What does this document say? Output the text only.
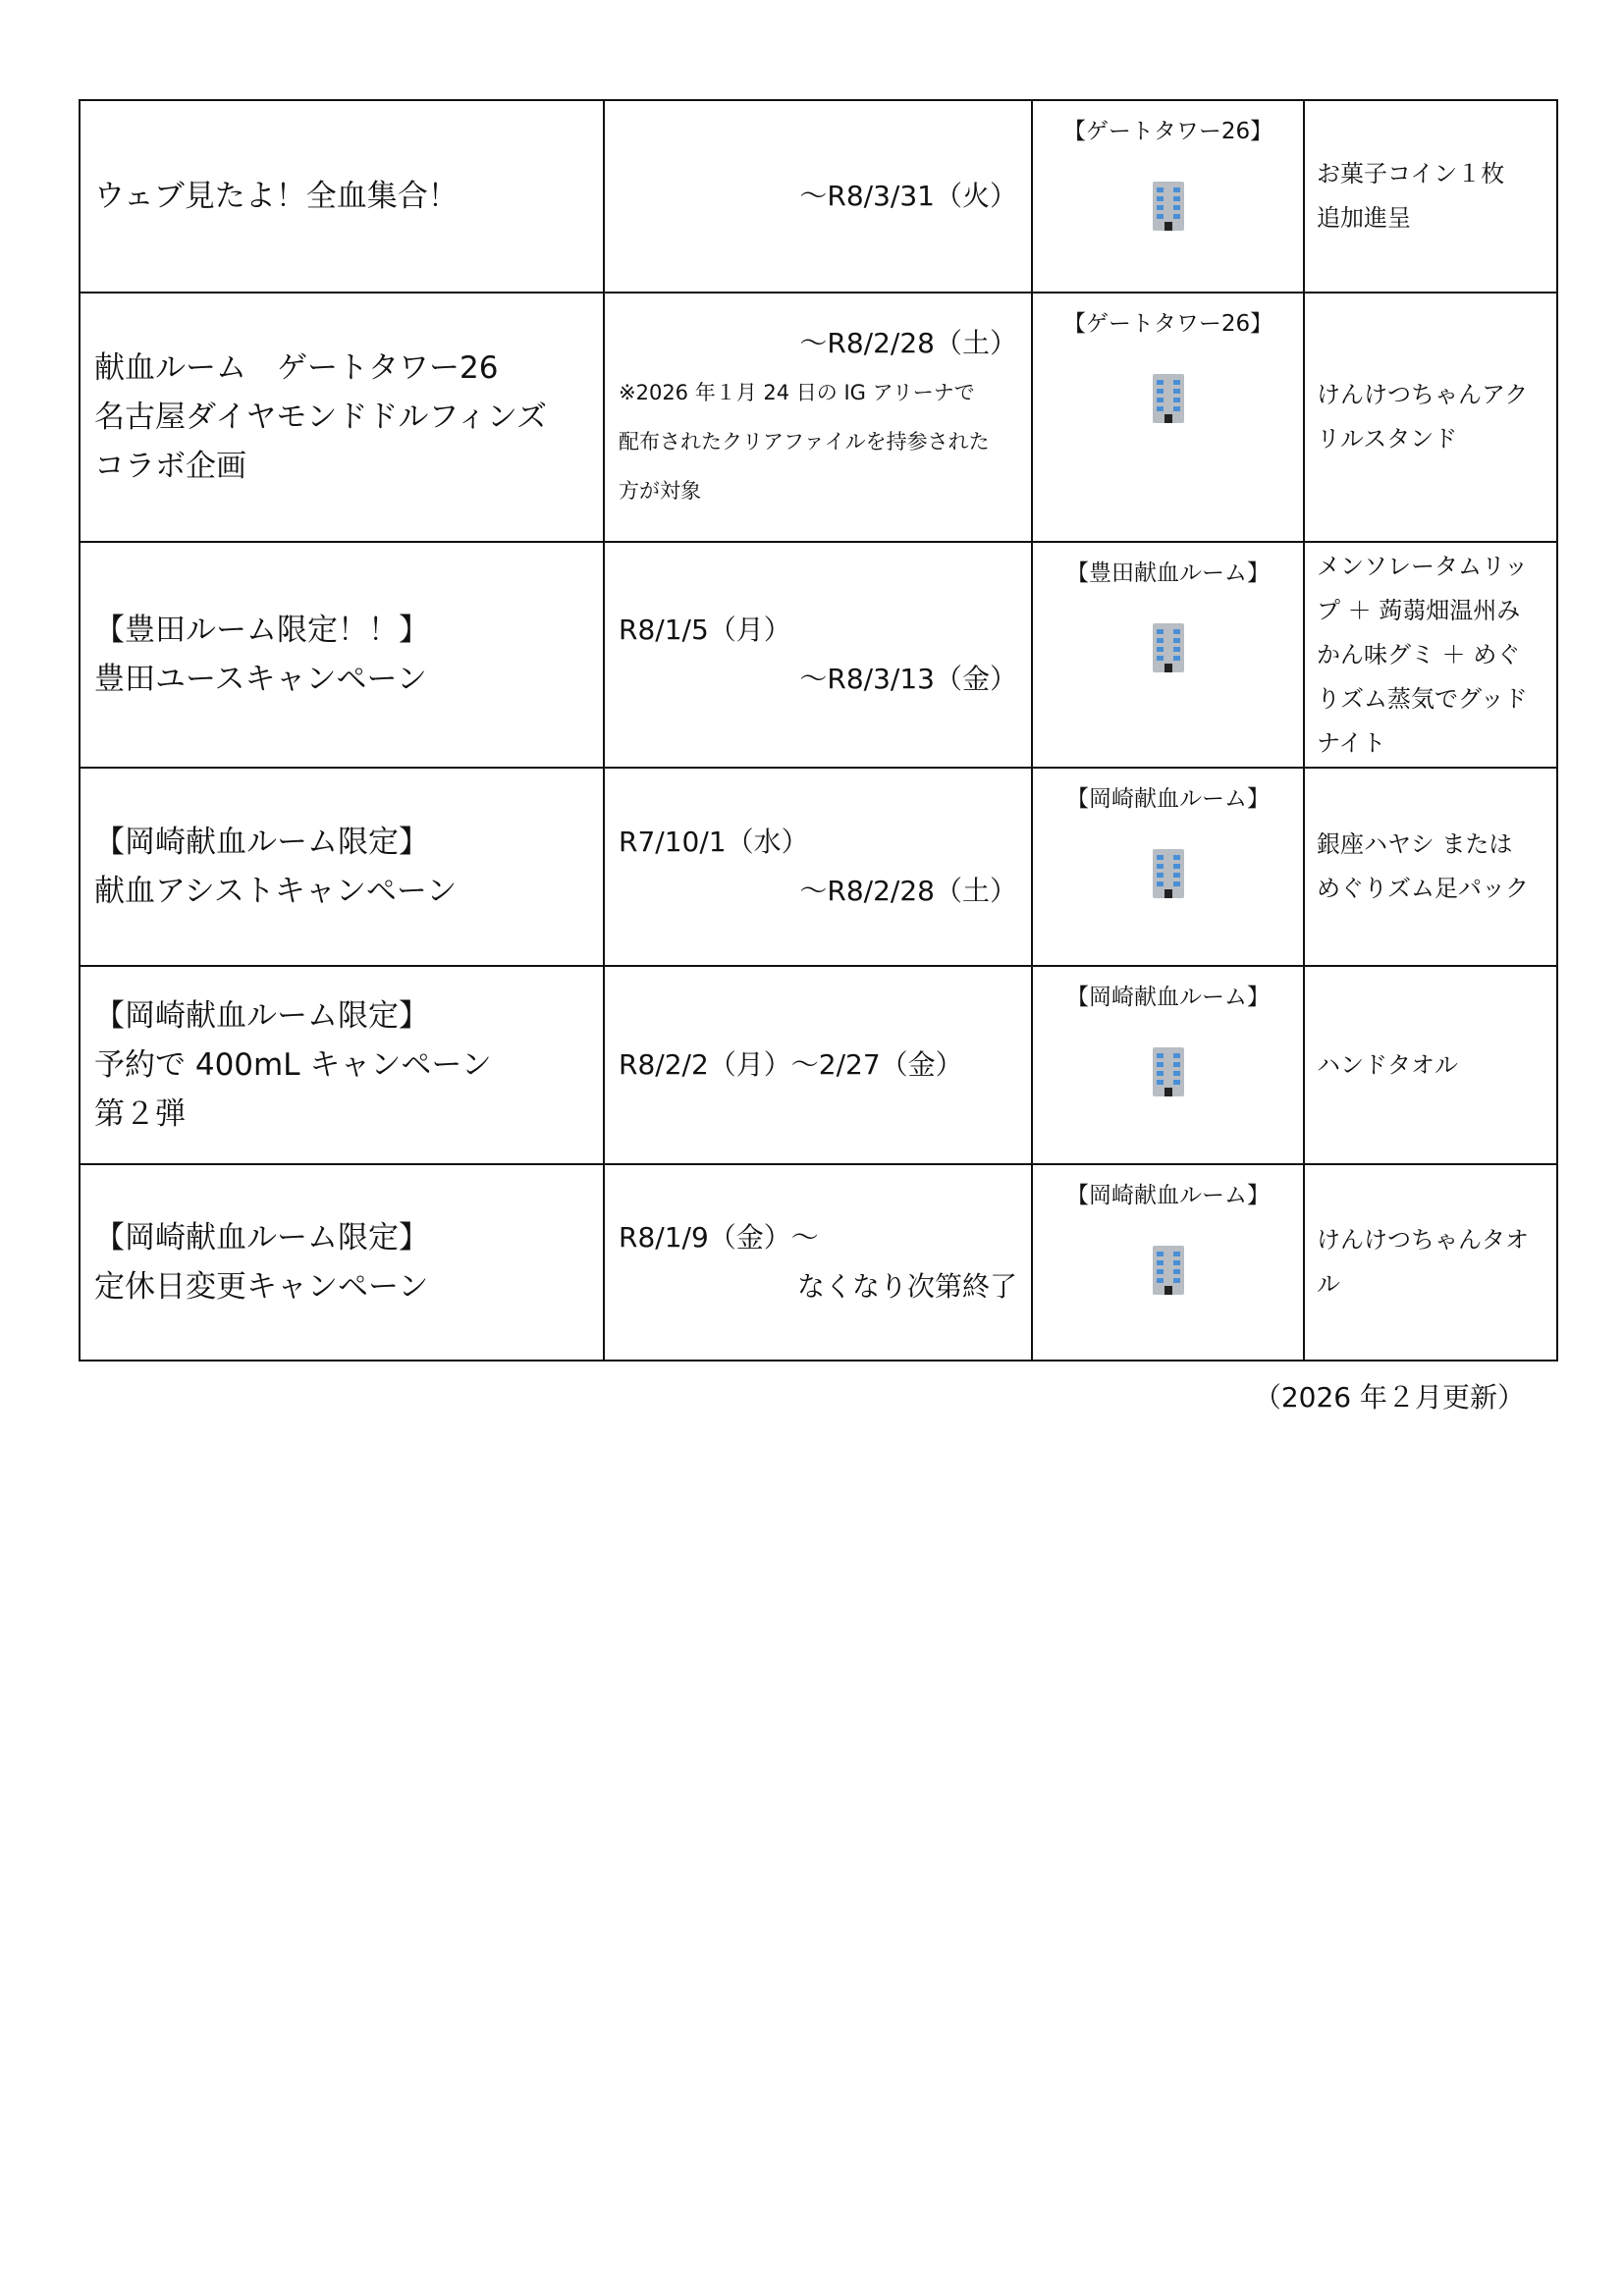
ウェブ見たよ！全血集合！	～R8/3/31（火）	【ゲートタワー26】	お菓子コイン１枚
追加進呈

献血ルーム　ゲートタワー26
名古屋ダイヤモンドドルフィンズ
コラボ企画	～R8/2/28（土）
※2026 年１月 24 日の IG アリーナで
配布されたクリアファイルを持参された
方が対象	【ゲートタワー26】	けんけつちゃんアク
リルスタンド

【豊田ルーム限定！！】
豊田ユースキャンペーン	R8/1/5（月）
～R8/3/13（金）	【豊田献血ルーム】	メンソレータムリッ
プ ＋ 蒟蒻畑温州み
かん味グミ ＋ めぐ
りズム蒸気でグッド
ナイト

【岡崎献血ルーム限定】
献血アシストキャンペーン	R7/10/1（水）
～R8/2/28（土）	【岡崎献血ルーム】	銀座ハヤシ または
めぐりズム足パック

【岡崎献血ルーム限定】
予約で 400mL キャンペーン
第２弾	R8/2/2（月）～2/27（金）	【岡崎献血ルーム】	ハンドタオル

【岡崎献血ルーム限定】
定休日変更キャンペーン	R8/1/9（金）～
なくなり次第終了	【岡崎献血ルーム】	けんけつちゃんタオ
ル
（2026 年２月更新）
